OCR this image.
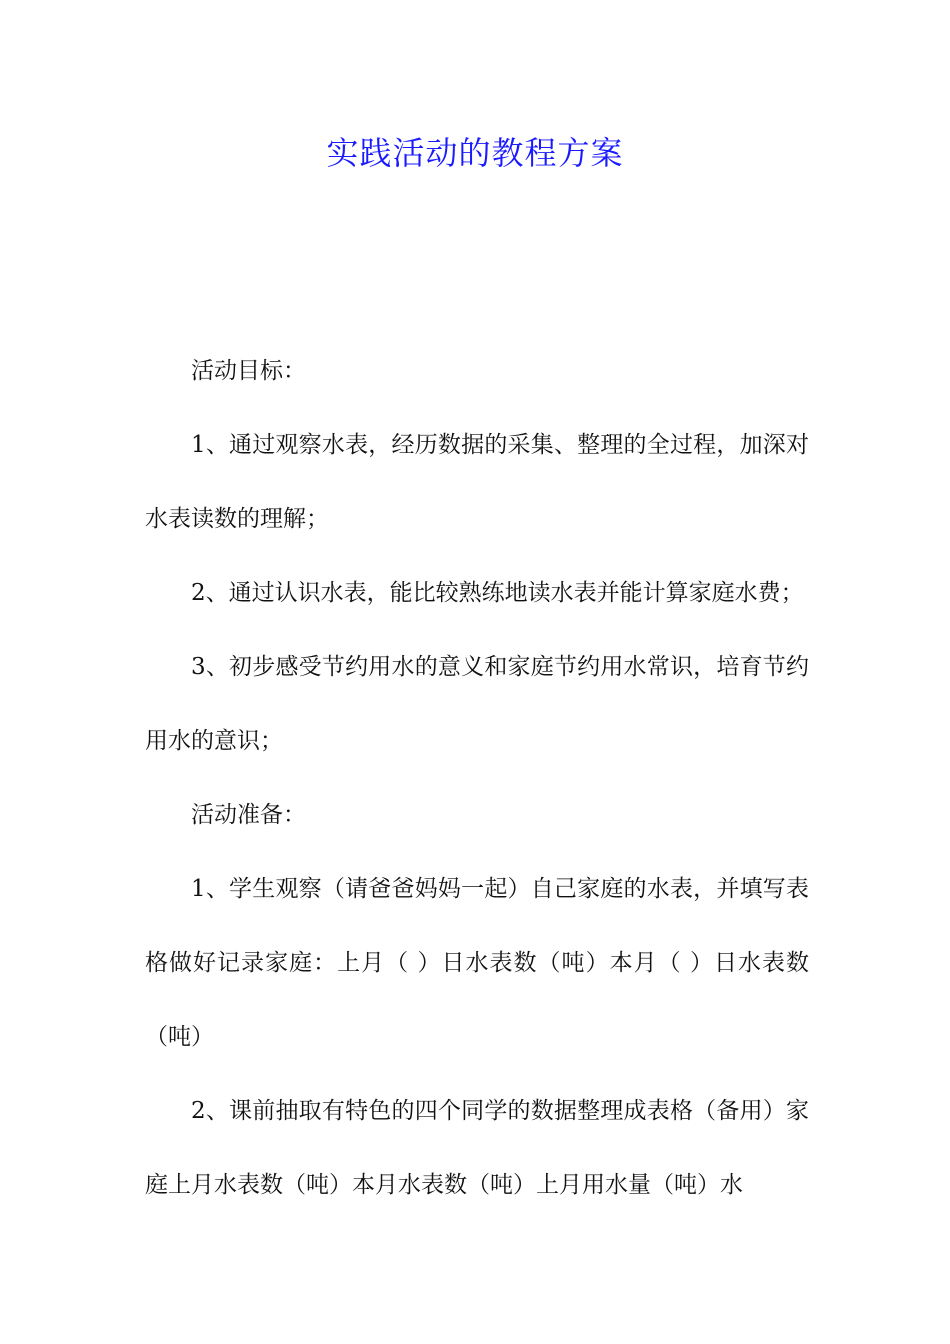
实践活动的教程方案

活动目标：

1、通过观察水表，经历数据的采集、整理的全过程，加深对水表读数的理解；

2、通过认识水表，能比较熟练地读水表并能计算家庭水费；

3、初步感受节约用水的意义和家庭节约用水常识，培育节约用水的意识；

活动准备：

1、学生观察（请爸爸妈妈一起）自己家庭的水表，并填写表格做好记录家庭：上月（ ）日水表数（吨）本月（ ）日水表数（吨）

2、课前抽取有特色的四个同学的数据整理成表格（备用）家庭上月水表数（吨）本月水表数（吨）上月用水量（吨）水
